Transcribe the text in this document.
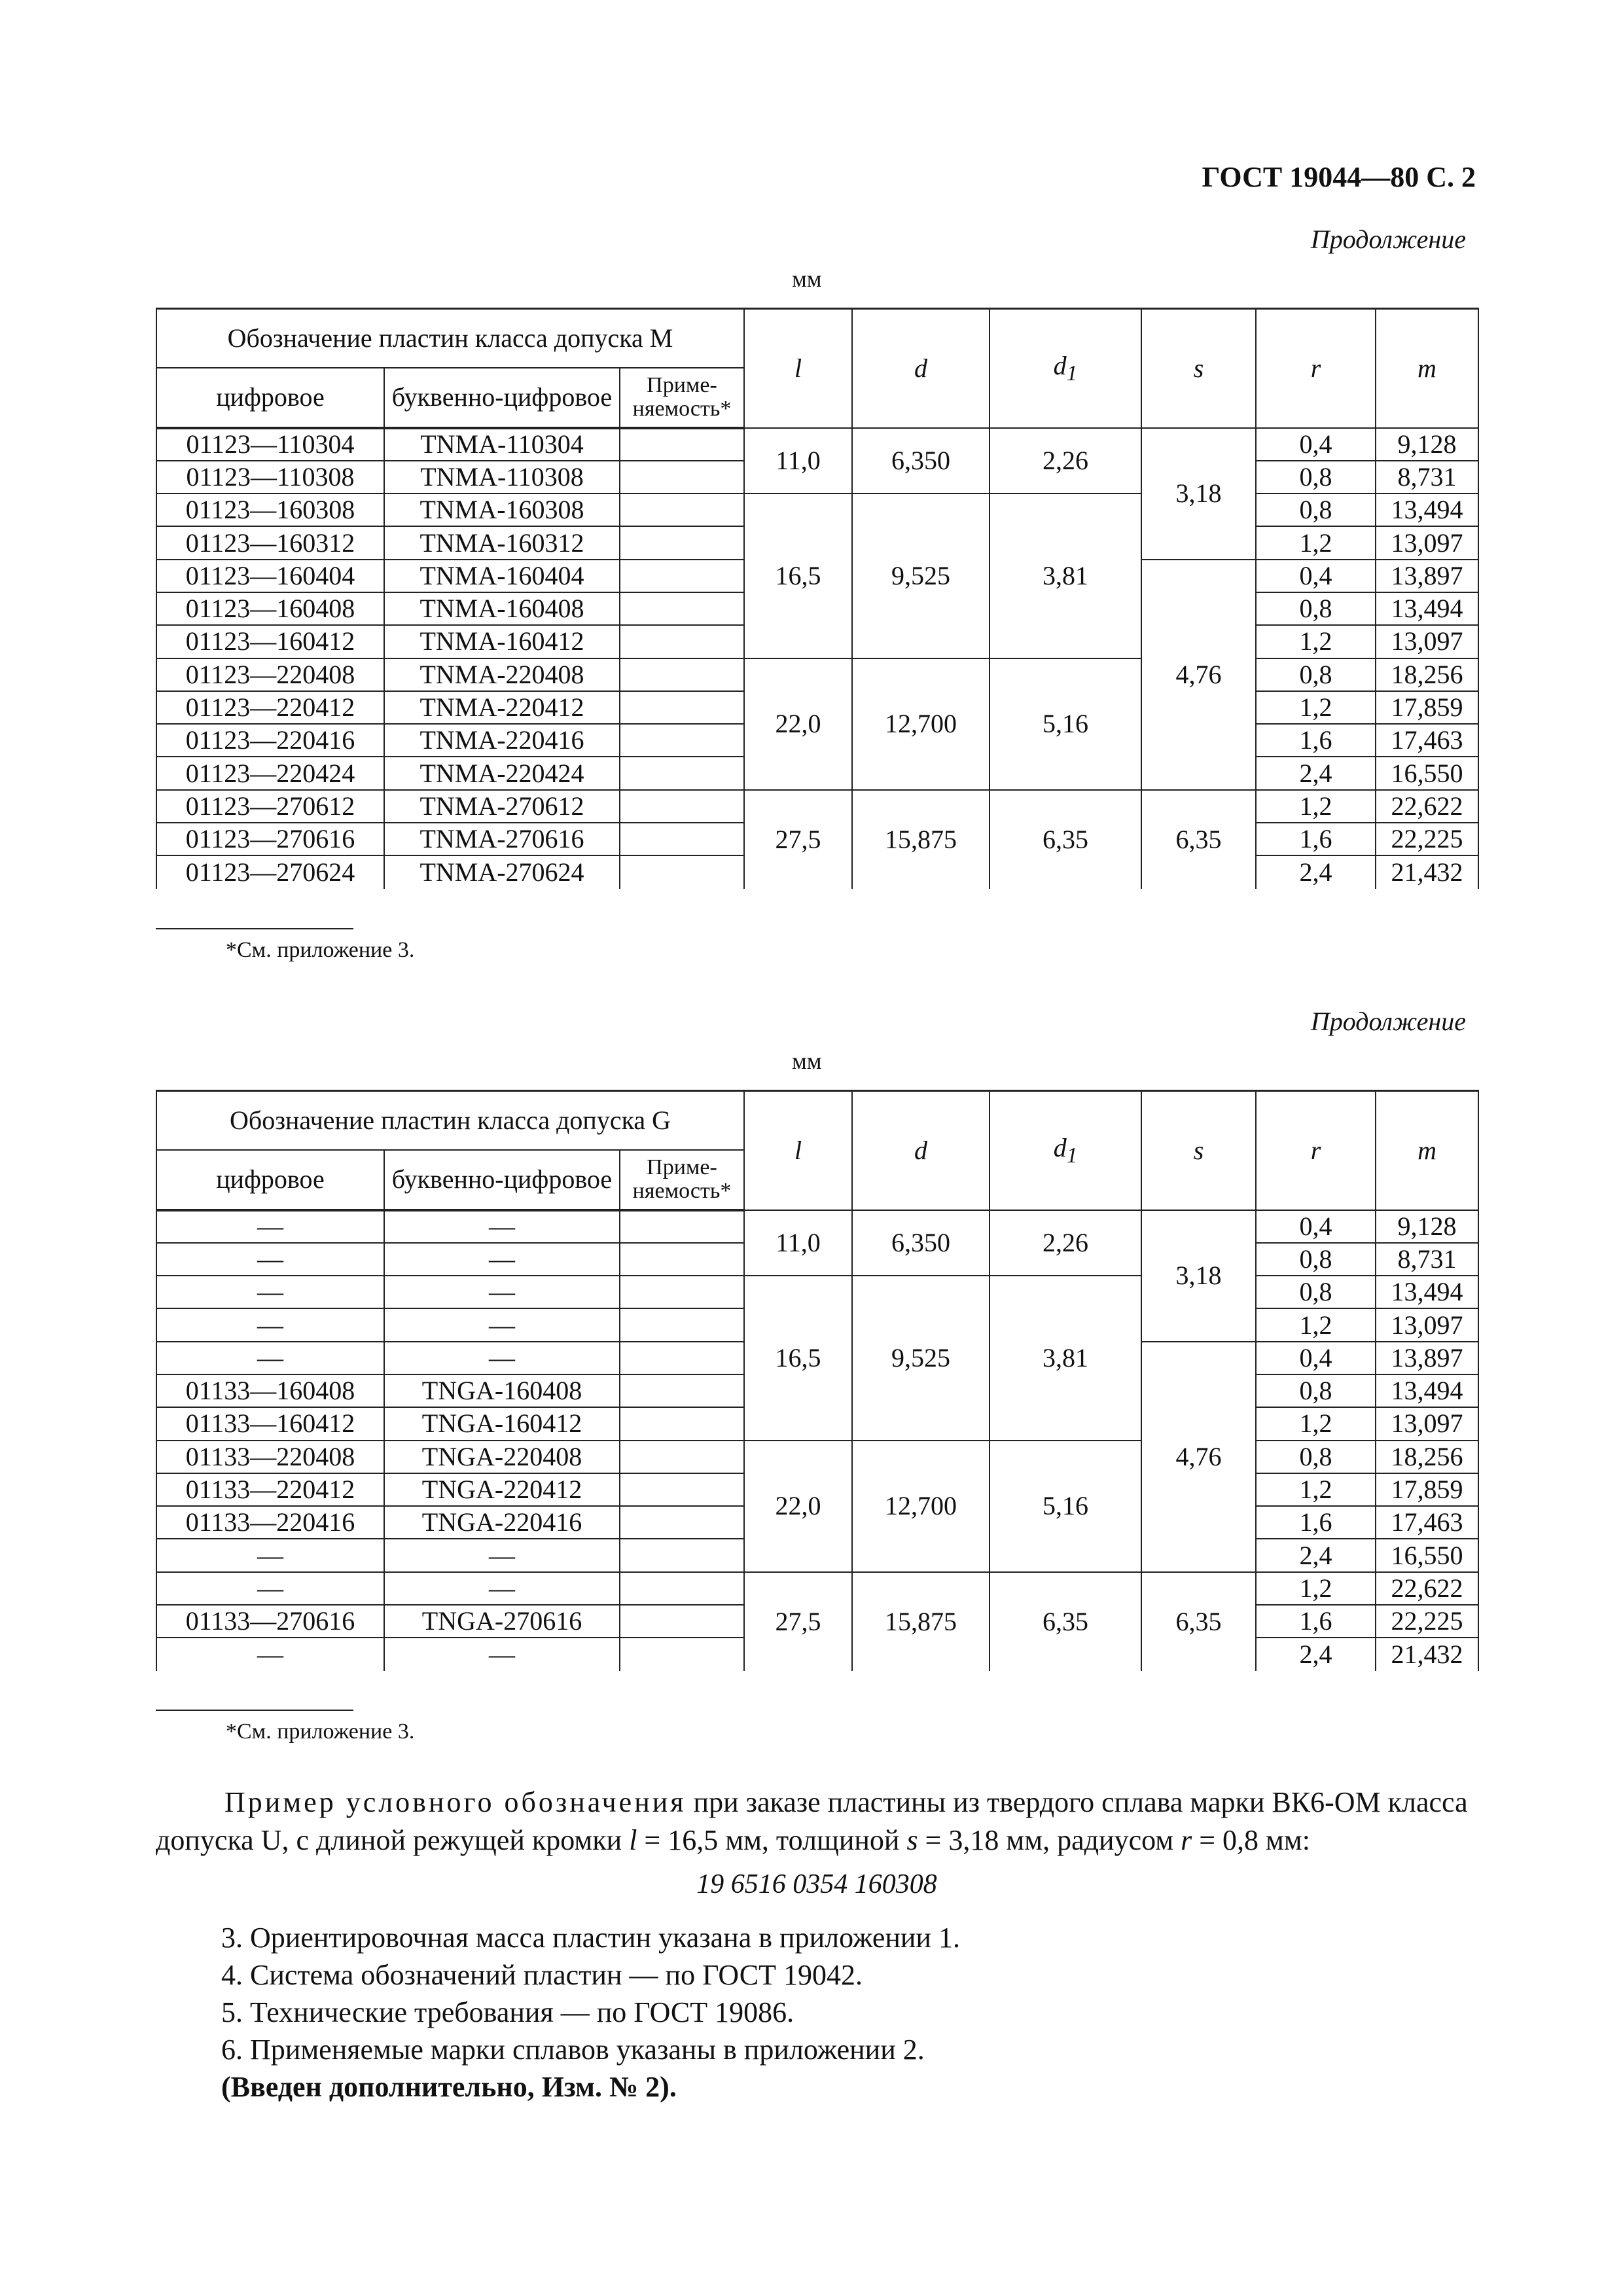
ГОСТ 19044—80 С. 2
Продолжение
мм
Обозначение пластин класса допуска M			l	d	$d_1$	s	r	m
цифровое	буквенно-цифровое	Приме-
няемость*						
01123—110304	TNMA-110304		11,0	6,350	2,26	3,18	0,4	9,128
01123—110308	TNMA-110308						0,8	8,731
01123—160308	TNMA-160308		16,5	9,525	3,81		0,8	13,494
01123—160312	TNMA-160312						1,2	13,097
01123—160404	TNMA-160404					4,76	0,4	13,897
01123—160408	TNMA-160408						0,8	13,494
01123—160412	TNMA-160412						1,2	13,097
01123—220408	TNMA-220408		22,0	12,700	5,16		0,8	18,256
01123—220412	TNMA-220412						1,2	17,859
01123—220416	TNMA-220416						1,6	17,463
01123—220424	TNMA-220424						2,4	16,550
01123—270612	TNMA-270612		27,5	15,875	6,35	6,35	1,2	22,622
01123—270616	TNMA-270616						1,6	22,225
01123—270624	TNMA-270624						2,4	21,432
*См. приложение 3.
Продолжение
мм
Обозначение пластин класса допуска G			l	d	$d_1$	s	r	m
цифровое	буквенно-цифровое	Приме-
няемость*						
—	—		11,0	6,350	2,26	3,18	0,4	9,128
—	—						0,8	8,731
—	—		16,5	9,525	3,81		0,8	13,494
—	—						1,2	13,097
—	—					4,76	0,4	13,897
01133—160408	TNGA-160408						0,8	13,494
01133—160412	TNGA-160412						1,2	13,097
01133—220408	TNGA-220408		22,0	12,700	5,16		0,8	18,256
01133—220412	TNGA-220412						1,2	17,859
01133—220416	TNGA-220416						1,6	17,463
—	—						2,4	16,550
—	—		27,5	15,875	6,35	6,35	1,2	22,622
01133—270616	TNGA-270616						1,6	22,225
—	—						2,4	21,432
*См. приложение 3.
Пример условного обозначения при заказе пластины из твердого сплава марки ВК6-ОМ класса допуска U, с длиной режущей кромки l = 16,5 мм, толщиной s = 3,18 мм, радиусом r = 0,8 мм:
19 6516 0354 160308
3. Ориентировочная масса пластин указана в приложении 1.
4. Система обозначений пластин — по ГОСТ 19042.
5. Технические требования — по ГОСТ 19086.
6. Применяемые марки сплавов указаны в приложении 2.
(Введен дополнительно, Изм. № 2).
